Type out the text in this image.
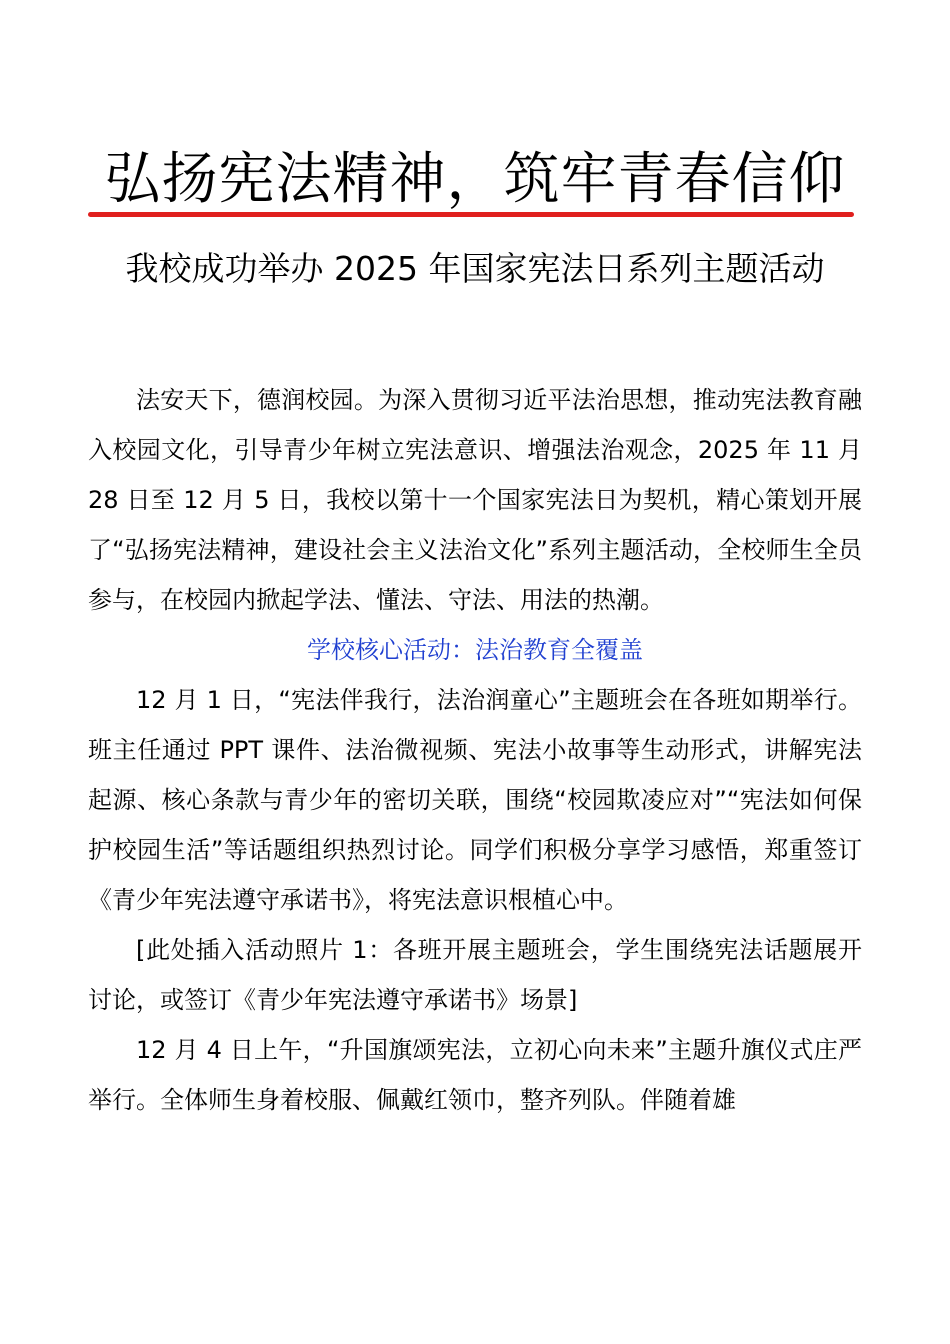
弘扬宪法精神，筑牢青春信仰
我校成功举办 2025 年国家宪法日系列主题活动

法安天下，德润校园。为深入贯彻习近平法治思想，推动宪法教育融入校园文化，引导青少年树立宪法意识、增强法治观念，2025 年 11 月 28 日至 12 月 5 日，我校以第十一个国家宪法日为契机，精心策划开展了“弘扬宪法精神，建设社会主义法治文化”系列主题活动，全校师生全员参与，在校园内掀起学法、懂法、守法、用法的热潮。

学校核心活动：法治教育全覆盖

12 月 1 日，“宪法伴我行，法治润童心”主题班会在各班如期举行。班主任通过 PPT 课件、法治微视频、宪法小故事等生动形式，讲解宪法起源、核心条款与青少年的密切关联，围绕“校园欺凌应对”“宪法如何保护校园生活”等话题组织热烈讨论。同学们积极分享学习感悟，郑重签订《青少年宪法遵守承诺书》，将宪法意识根植心中。

[此处插入活动照片 1：各班开展主题班会，学生围绕宪法话题展开讨论，或签订《青少年宪法遵守承诺书》场景]

12 月 4 日上午，“升国旗颂宪法，立初心向未来”主题升旗仪式庄严举行。全体师生身着校服、佩戴红领巾，整齐列队。伴随着雄
